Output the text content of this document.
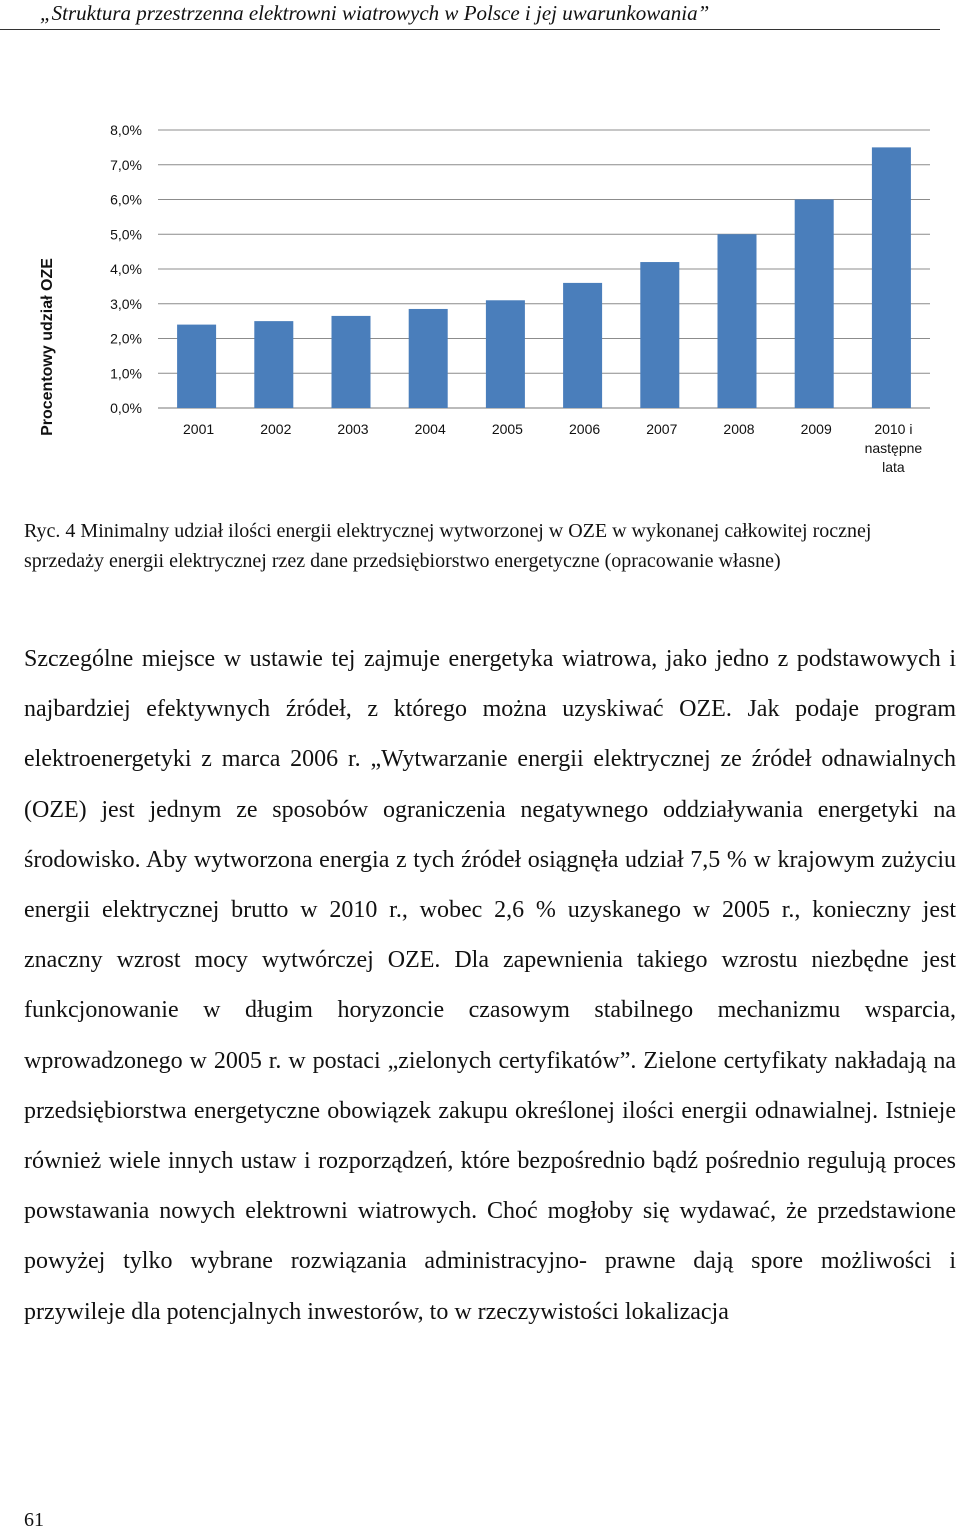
„Struktura przestrzenna elektrowni wiatrowych w Polsce i jej uwarunkowania”
0,0%
1,0%
2,0%
3,0%
4,0%
5,0%
6,0%
7,0%
8,0%
2001	2002	2003	2004	2005	2006	2007	2008	2009	2010 i następne lata
Procentowy udział OZE

Ryc. 4 Minimalny udział ilości energii elektrycznej wytworzonej w OZE w wykonanej całkowitej rocznej sprzedaży energii elektrycznej rzez dane przedsiębiorstwo energetyczne (opracowanie własne)

Szczególne miejsce w ustawie tej zajmuje energetyka wiatrowa, jako jedno z podstawowych i najbardziej efektywnych źródeł, z którego można uzyskiwać OZE. Jak podaje program elektroenergetyki z marca 2006 r. „Wytwarzanie energii elektrycznej ze źródeł odnawialnych (OZE) jest jednym ze sposobów ograniczenia negatywnego oddziaływania energetyki na środowisko. Aby wytworzona energia z tych źródeł osiągnęła udział 7,5 % w krajowym zużyciu energii elektrycznej brutto w 2010 r., wobec 2,6 % uzyskanego w 2005 r., konieczny jest znaczny wzrost mocy wytwórczej OZE. Dla zapewnienia takiego wzrostu niezbędne jest funkcjonowanie w długim horyzoncie czasowym stabilnego mechanizmu wsparcia, wprowadzonego w 2005 r. w postaci „zielonych certyfikatów”. Zielone certyfikaty nakładają na przedsiębiorstwa energetyczne obowiązek zakupu określonej ilości energii odnawialnej. Istnieje również wiele innych ustaw i rozporządzeń, które bezpośrednio bądź pośrednio regulują proces powstawania nowych elektrowni wiatrowych. Choć mogłoby się wydawać, że przedstawione powyżej tylko wybrane rozwiązania administracyjno- prawne dają spore możliwości i przywileje dla potencjalnych inwestorów, to w rzeczywistości lokalizacja

61
